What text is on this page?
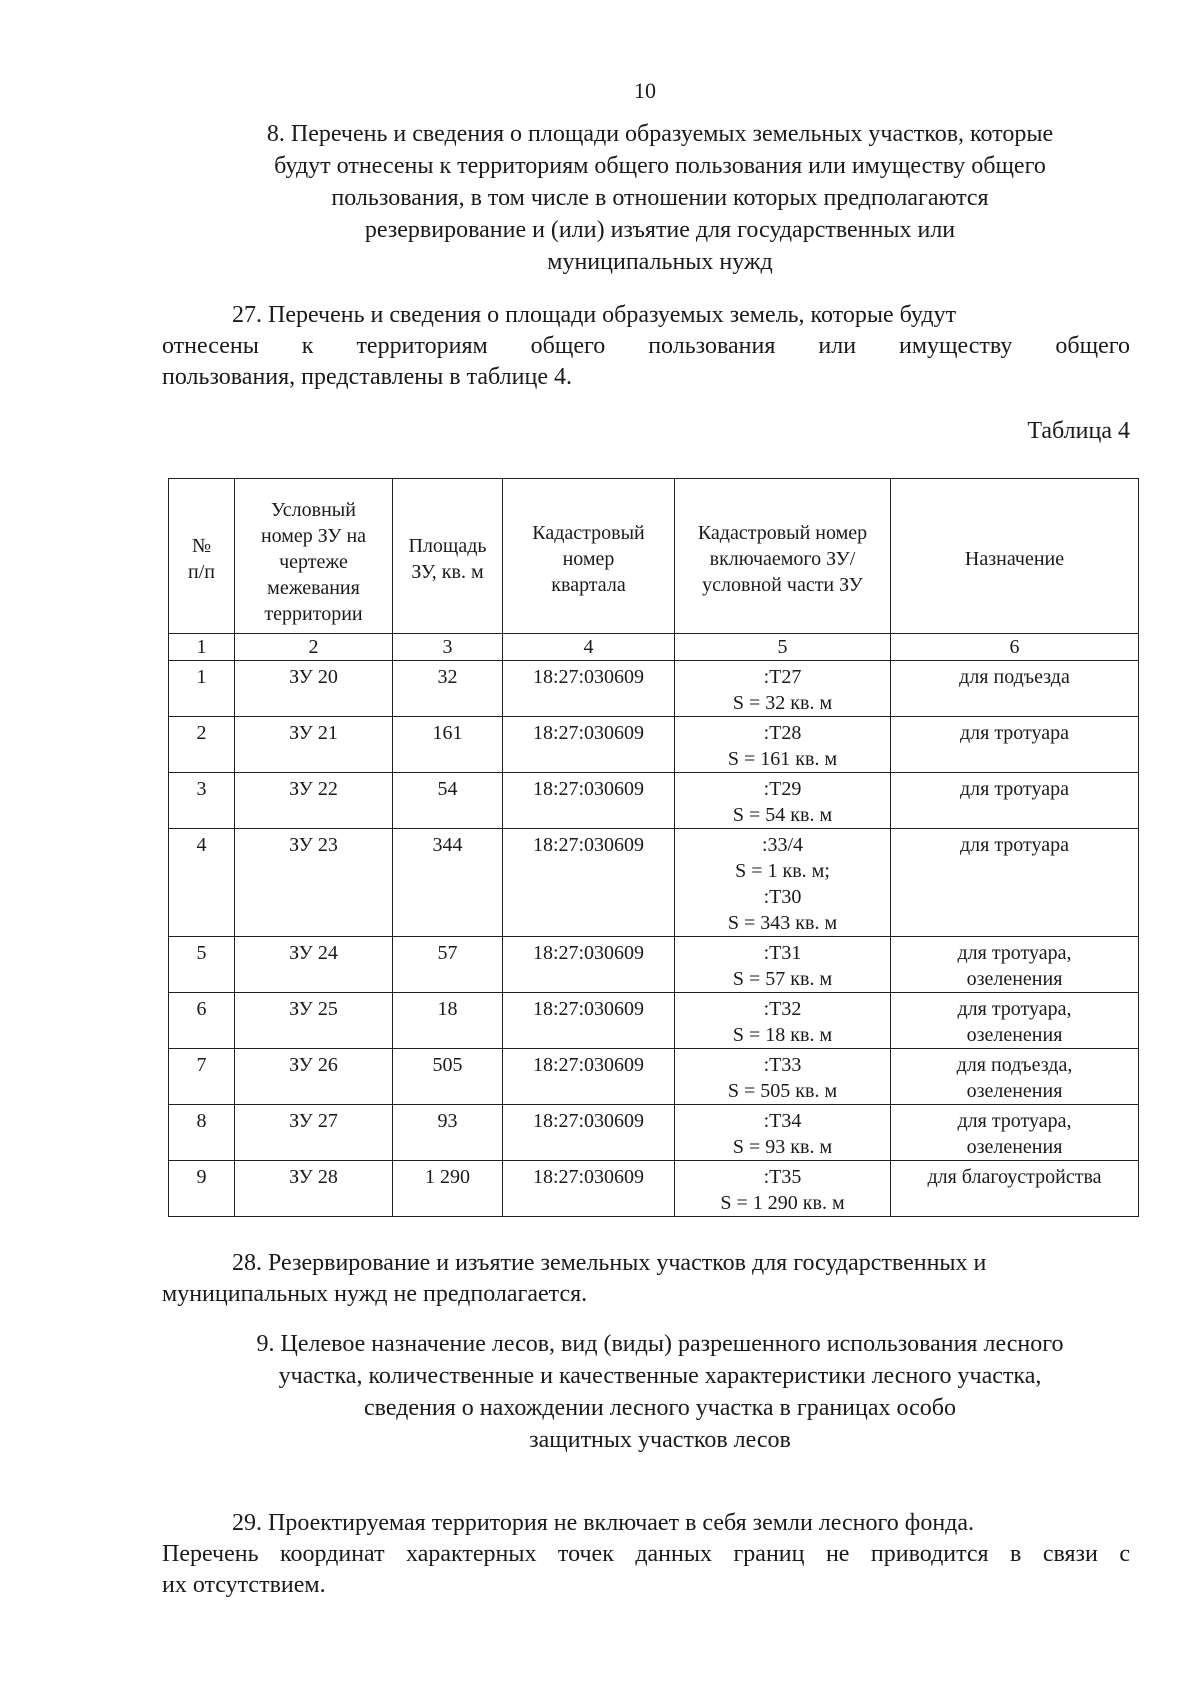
10
8. Перечень и сведения о площади образуемых земельных участков, которые
будут отнесены к территориям общего пользования или имуществу общего
пользования, в том числе в отношении которых предполагаются
резервирование и (или) изъятие для государственных или
муниципальных нужд
27. Перечень и сведения о площади образуемых земель, которые будут
отнесены к территориям общего пользования или имуществу общего
пользования, представлены в таблице 4.
Таблица 4
№
п/п	Условный
номер ЗУ на
чертеже
межевания
территории	Площадь
ЗУ, кв. м	Кадастровый
номер
квартала	Кадастровый номер
включаемого ЗУ/
условной части ЗУ	Назначение

1	2	3	4	5	6
1	ЗУ 20	32	18:27:030609	:Т27
S = 32 кв. м	для подъезда

2	ЗУ 21	161	18:27:030609	:Т28
S = 161 кв. м	для тротуара

3	ЗУ 22	54	18:27:030609	:Т29
S = 54 кв. м	для тротуара

4	ЗУ 23	344	18:27:030609	:33/4
S = 1 кв. м;
:Т30
S = 343 кв. м	для тротуара

5	ЗУ 24	57	18:27:030609	:Т31
S = 57 кв. м	для тротуара,
озеленения

6	ЗУ 25	18	18:27:030609	:Т32
S = 18 кв. м	для тротуара,
озеленения

7	ЗУ 26	505	18:27:030609	:Т33
S = 505 кв. м	для подъезда,
озеленения

8	ЗУ 27	93	18:27:030609	:Т34
S = 93 кв. м	для тротуара,
озеленения

9	ЗУ 28	1 290	18:27:030609	:Т35
S = 1 290 кв. м	для благоустройства
28. Резервирование и изъятие земельных участков для государственных и
муниципальных нужд не предполагается.
9. Целевое назначение лесов, вид (виды) разрешенного использования лесного
участка, количественные и качественные характеристики лесного участка,
сведения о нахождении лесного участка в границах особо
защитных участков лесов
29. Проектируемая территория не включает в себя земли лесного фонда.
Перечень координат характерных точек данных границ не приводится в связи с
их отсутствием.
